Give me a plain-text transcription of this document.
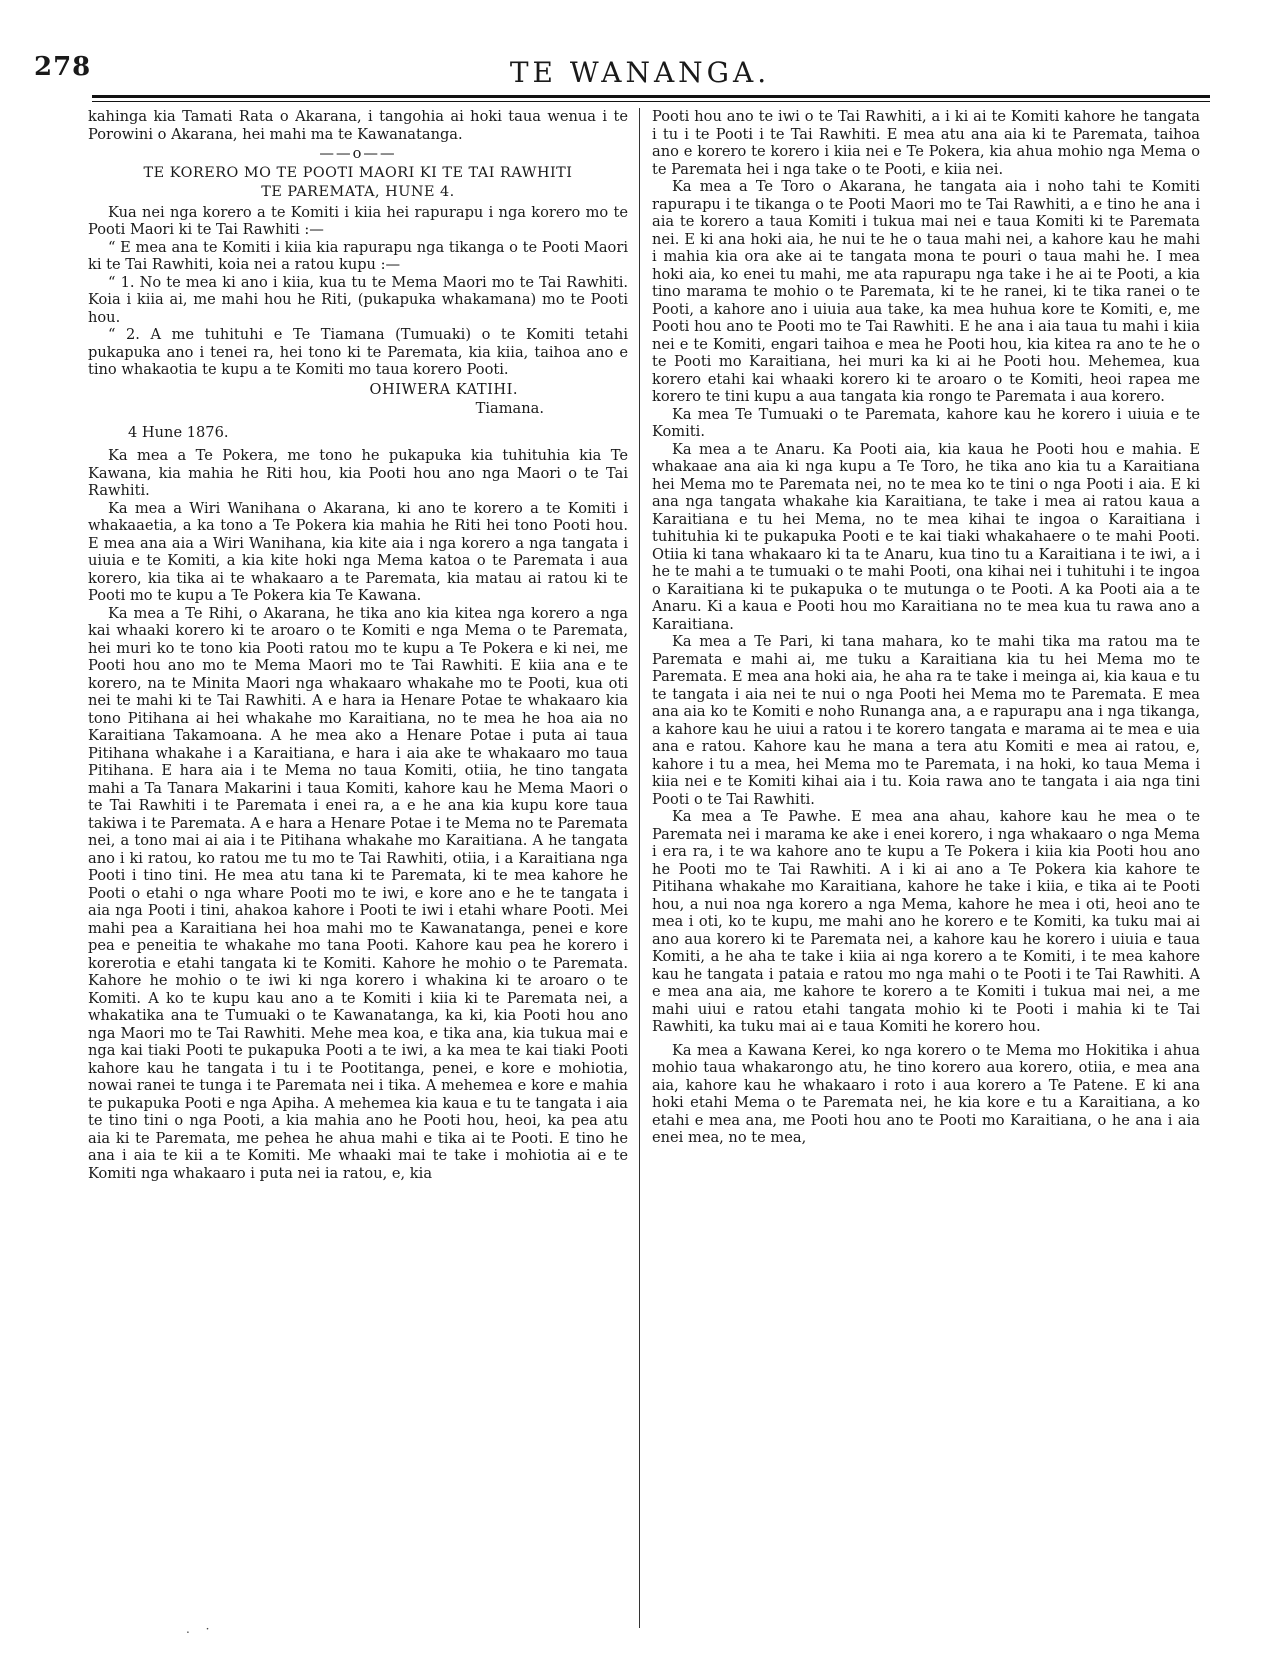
278	TE WANANGA.

kahinga kia Tamati Rata o Akarana, i tangohia ai hoki taua wenua i te Porowini o Akarana, hei mahi ma te Kawanatanga.

——o——
TE KORERO MO TE POOTI MAORI KI TE TAI RAWHITI
TE PAREMATA, HUNE 4.

Kua nei nga korero a te Komiti i kiia hei rapurapu i nga korero mo te Pooti Maori ki te Tai Rawhiti :—

“ E mea ana te Komiti i kiia kia rapurapu nga tikanga o te Pooti Maori ki te Tai Rawhiti, koia nei a ratou kupu :—

“ 1. No te mea ki ano i kiia, kua tu te Mema Maori mo te Tai Rawhiti. Koia i kiia ai, me mahi hou he Riti, (pukapuka whakamana) mo te Pooti hou.

“ 2. A me tuhituhi e Te Tiamana (Tumuaki) o te Komiti tetahi pukapuka ano i tenei ra, hei tono ki te Paremata, kia kiia, taihoa ano e tino whakaotia te kupu a te Komiti mo taua korero Pooti.

OHIWERA KATIHI.
Tiamana.
4 Hune 1876.

Ka mea a Te Pokera, me tono he pukapuka kia tuhituhia kia Te Kawana, kia mahia he Riti hou, kia Pooti hou ano nga Maori o te Tai Rawhiti.

Ka mea a Wiri Wanihana o Akarana, ki ano te korero a te Komiti i whakaaetia, a ka tono a Te Pokera kia mahia he Riti hei tono Pooti hou. E mea ana aia a Wiri Wanihana, kia kite aia i nga korero a nga tangata i uiuia e te Komiti, a kia kite hoki nga Mema katoa o te Paremata i aua korero, kia tika ai te whakaaro a te Paremata, kia matau ai ratou ki te Pooti mo te kupu a Te Pokera kia Te Kawana.

Ka mea a Te Rihi, o Akarana, he tika ano kia kitea nga korero a nga kai whaaki korero ki te aroaro o te Komiti e nga Mema o te Paremata, hei muri ko te tono kia Pooti ratou mo te kupu a Te Pokera e ki nei, me Pooti hou ano mo te Mema Maori mo te Tai Rawhiti. E kiia ana e te korero, na te Minita Maori nga whakaaro whakahe mo te Pooti, kua oti nei te mahi ki te Tai Rawhiti. A e hara ia Henare Potae te whakaaro kia tono Pitihana ai hei whakahe mo Karaitiana, no te mea he hoa aia no Karaitiana Takamoana. A he mea ako a Henare Potae i puta ai taua Pitihana whakahe i a Karaitiana, e hara i aia ake te whakaaro mo taua Pitihana. E hara aia i te Mema no taua Komiti, otiia, he tino tangata mahi a Ta Tanara Makarini i taua Komiti, kahore kau he Mema Maori o te Tai Rawhiti i te Paremata i enei ra, a e he ana kia kupu kore taua takiwa i te Paremata. A e hara a Henare Potae i te Mema no te Paremata nei, a tono mai ai aia i te Pitihana whakahe mo Karaitiana. A he tangata ano i ki ratou, ko ratou me tu mo te Tai Rawhiti, otiia, i a Karaitiana nga Pooti i tino tini. He mea atu tana ki te Paremata, ki te mea kahore he Pooti o etahi o nga whare Pooti mo te iwi, e kore ano e he te tangata i aia nga Pooti i tini, ahakoa kahore i Pooti te iwi i etahi whare Pooti. Mei mahi pea a Karaitiana hei hoa mahi mo te Kawanatanga, penei e kore pea e peneitia te whakahe mo tana Pooti. Kahore kau pea he korero i korerotia e etahi tangata ki te Komiti. Kahore he mohio o te Paremata. Kahore he mohio o te iwi ki nga korero i whakina ki te aroaro o te Komiti. A ko te kupu kau ano a te Komiti i kiia ki te Paremata nei, a whakatika ana te Tumuaki o te Kawanatanga, ka ki, kia Pooti hou ano nga Maori mo te Tai Rawhiti. Mehe mea koa, e tika ana, kia tukua mai e nga kai tiaki Pooti te pukapuka Pooti a te iwi, a ka mea te kai tiaki Pooti kahore kau he tangata i tu i te Pootitanga, penei, e kore e mohiotia, nowai ranei te tunga i te Paremata nei i tika. A mehemea e kore e mahia te pukapuka Pooti e nga Apiha. A mehemea kia kaua e tu te tangata i aia te tino tini o nga Pooti, a kia mahia ano he Pooti hou, heoi, ka pea atu aia ki te Paremata, me pehea he ahua mahi e tika ai te Pooti. E tino he ana i aia te kii a te Komiti. Me whaaki mai te take i mohiotia ai e te Komiti nga whakaaro i puta nei ia ratou, e, kia

Pooti hou ano te iwi o te Tai Rawhiti, a i ki ai te Komiti kahore he tangata i tu i te Pooti i te Tai Rawhiti. E mea atu ana aia ki te Paremata, taihoa ano e korero te korero i kiia nei e Te Pokera, kia ahua mohio nga Mema o te Paremata hei i nga take o te Pooti, e kiia nei.

Ka mea a Te Toro o Akarana, he tangata aia i noho tahi te Komiti rapurapu i te tikanga o te Pooti Maori mo te Tai Rawhiti, a e tino he ana i aia te korero a taua Komiti i tukua mai nei e taua Komiti ki te Paremata nei. E ki ana hoki aia, he nui te he o taua mahi nei, a kahore kau he mahi i mahia kia ora ake ai te tangata mona te pouri o taua mahi he. I mea hoki aia, ko enei tu mahi, me ata rapurapu nga take i he ai te Pooti, a kia tino marama te mohio o te Paremata, ki te he ranei, ki te tika ranei o te Pooti, a kahore ano i uiuia aua take, ka mea huhua kore te Komiti, e, me Pooti hou ano te Pooti mo te Tai Rawhiti. E he ana i aia taua tu mahi i kiia nei e te Komiti, engari taihoa e mea he Pooti hou, kia kitea ra ano te he o te Pooti mo Karaitiana, hei muri ka ki ai he Pooti hou. Mehemea, kua korero etahi kai whaaki korero ki te aroaro o te Komiti, heoi rapea me korero te tini kupu a aua tangata kia rongo te Paremata i aua korero.

Ka mea Te Tumuaki o te Paremata, kahore kau he korero i uiuia e te Komiti.

Ka mea a te Anaru. Ka Pooti aia, kia kaua he Pooti hou e mahia. E whakaae ana aia ki nga kupu a Te Toro, he tika ano kia tu a Karaitiana hei Mema mo te Paremata nei, no te mea ko te tini o nga Pooti i aia. E ki ana nga tangata whakahe kia Karaitiana, te take i mea ai ratou kaua a Karaitiana e tu hei Mema, no te mea kihai te ingoa o Karaitiana i tuhituhia ki te pukapuka Pooti e te kai tiaki whakahaere o te mahi Pooti. Otiia ki tana whakaaro ki ta te Anaru, kua tino tu a Karaitiana i te iwi, a i he te mahi a te tumuaki o te mahi Pooti, ona kihai nei i tuhituhi i te ingoa o Karaitiana ki te pukapuka o te mutunga o te Pooti. A ka Pooti aia a te Anaru. Ki a kaua e Pooti hou mo Karaitiana no te mea kua tu rawa ano a Karaitiana.

Ka mea a Te Pari, ki tana mahara, ko te mahi tika ma ratou ma te Paremata e mahi ai, me tuku a Karaitiana kia tu hei Mema mo te Paremata. E mea ana hoki aia, he aha ra te take i meinga ai, kia kaua e tu te tangata i aia nei te nui o nga Pooti hei Mema mo te Paremata. E mea ana aia ko te Komiti e noho Runanga ana, a e rapurapu ana i nga tikanga, a kahore kau he uiui a ratou i te korero tangata e marama ai te mea e uia ana e ratou. Kahore kau he mana a tera atu Komiti e mea ai ratou, e, kahore i tu a mea, hei Mema mo te Paremata, i na hoki, ko taua Mema i kiia nei e te Komiti kihai aia i tu. Koia rawa ano te tangata i aia nga tini Pooti o te Tai Rawhiti.

Ka mea a Te Pawhe. E mea ana ahau, kahore kau he mea o te Paremata nei i marama ke ake i enei korero, i nga whakaaro o nga Mema i era ra, i te wa kahore ano te kupu a Te Pokera i kiia kia Pooti hou ano he Pooti mo te Tai Rawhiti. A i ki ai ano a Te Pokera kia kahore te Pitihana whakahe mo Karaitiana, kahore he take i kiia, e tika ai te Pooti hou, a nui noa nga korero a nga Mema, kahore he mea i oti, heoi ano te mea i oti, ko te kupu, me mahi ano he korero e te Komiti, ka tuku mai ai ano aua korero ki te Paremata nei, a kahore kau he korero i uiuia e taua Komiti, a he aha te take i kiia ai nga korero a te Komiti, i te mea kahore kau he tangata i pataia e ratou mo nga mahi o te Pooti i te Tai Rawhiti. A e mea ana aia, me kahore te korero a te Komiti i tukua mai nei, a me mahi uiui e ratou etahi tangata mohio ki te Pooti i mahia ki te Tai Rawhiti, ka tuku mai ai e taua Komiti he korero hou.

Ka mea a Kawana Kerei, ko nga korero o te Mema mo Hokitika i ahua mohio taua whakarongo atu, he tino korero aua korero, otiia, e mea ana aia, kahore kau he whakaaro i roto i aua korero a Te Patene. E ki ana hoki etahi Mema o te Paremata nei, he kia kore e tu a Karaitiana, a ko etahi e mea ana, me Pooti hou ano te Pooti mo Karaitiana, o he ana i aia enei mea, no te mea,

. ·
